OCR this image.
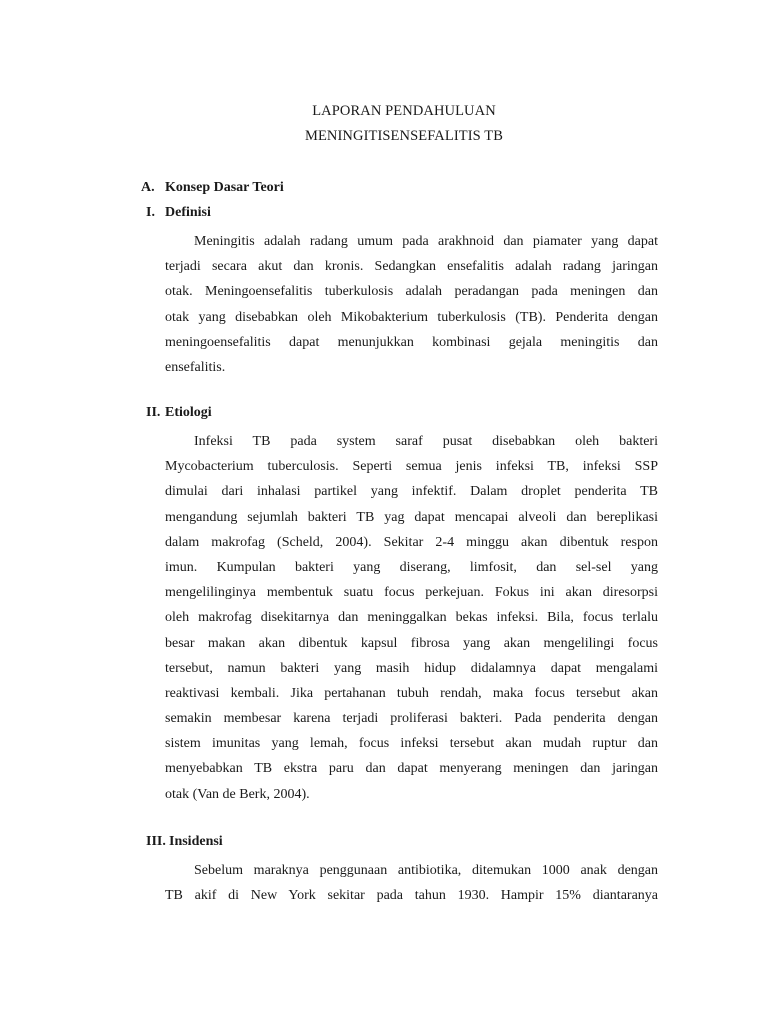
LAPORAN PENDAHULUAN
MENINGITISENSEFALITIS TB
A. Konsep Dasar Teori
I. Definisi
Meningitis adalah radang umum pada arakhnoid dan piamater yang dapat
terjadi secara akut dan kronis. Sedangkan ensefalitis adalah radang jaringan
otak. Meningoensefalitis tuberkulosis adalah peradangan pada meningen dan
otak yang disebabkan oleh Mikobakterium tuberkulosis (TB). Penderita dengan
meningoensefalitis dapat menunjukkan kombinasi gejala meningitis dan
ensefalitis.
II. Etiologi
Infeksi TB pada system saraf pusat disebabkan oleh bakteri
Mycobacterium tuberculosis. Seperti semua jenis infeksi TB, infeksi SSP
dimulai dari inhalasi partikel yang infektif. Dalam droplet penderita TB
mengandung sejumlah bakteri TB yag dapat mencapai alveoli dan bereplikasi
dalam makrofag (Scheld, 2004). Sekitar 2-4 minggu akan dibentuk respon
imun. Kumpulan bakteri yang diserang, limfosit, dan sel-sel yang
mengelilinginya membentuk suatu focus perkejuan. Fokus ini akan diresorpsi
oleh makrofag disekitarnya dan meninggalkan bekas infeksi. Bila, focus terlalu
besar makan akan dibentuk kapsul fibrosa yang akan mengelilingi focus
tersebut, namun bakteri yang masih hidup didalamnya dapat mengalami
reaktivasi kembali. Jika pertahanan tubuh rendah, maka focus tersebut akan
semakin membesar karena terjadi proliferasi bakteri. Pada penderita dengan
sistem imunitas yang lemah, focus infeksi tersebut akan mudah ruptur dan
menyebabkan TB ekstra paru dan dapat menyerang meningen dan jaringan
otak (Van de Berk, 2004).
III. Insidensi
Sebelum maraknya penggunaan antibiotika, ditemukan 1000 anak dengan
TB akif di New York sekitar pada tahun 1930. Hampir 15% diantaranya
